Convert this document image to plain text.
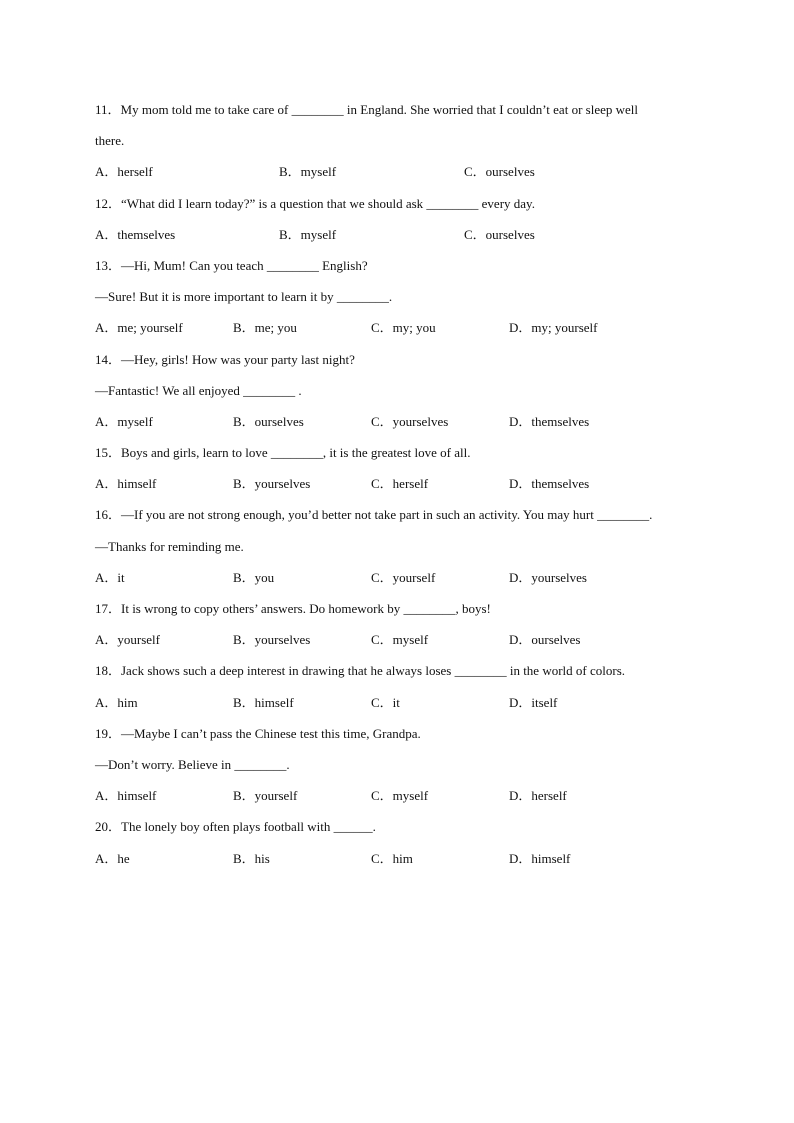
11．My mom told me to take care of ________ in England. She worried that I couldn’t eat or sleep well
there.
A．herself	B．myself	C．ourselves
12．“What did I learn today?” is a question that we should ask ________ every day.
A．themselves	B．myself	C．ourselves
13．—Hi, Mum! Can you teach ________ English?
—Sure! But it is more important to learn it by ________.
A．me; yourself	B．me; you	C．my; you	D．my; yourself
14．—Hey, girls! How was your party last night?
—Fantastic! We all enjoyed ________ .
A．myself	B．ourselves	C．yourselves	D．themselves
15．Boys and girls, learn to love ________, it is the greatest love of all.
A．himself	B．yourselves	C．herself	D．themselves
16．—If you are not strong enough, you’d better not take part in such an activity. You may hurt ________.
—Thanks for reminding me.
A．it	B．you	C．yourself	D．yourselves
17．It is wrong to copy others’ answers. Do homework by ________, boys!
A．yourself	B．yourselves	C．myself	D．ourselves
18．Jack shows such a deep interest in drawing that he always loses ________ in the world of colors.
A．him	B．himself	C．it	D．itself
19．—Maybe I can’t pass the Chinese test this time, Grandpa.
—Don’t worry. Believe in ________.
A．himself	B．yourself	C．myself	D．herself
20．The lonely boy often plays football with ______.
A．he	B．his	C．him	D．himself
